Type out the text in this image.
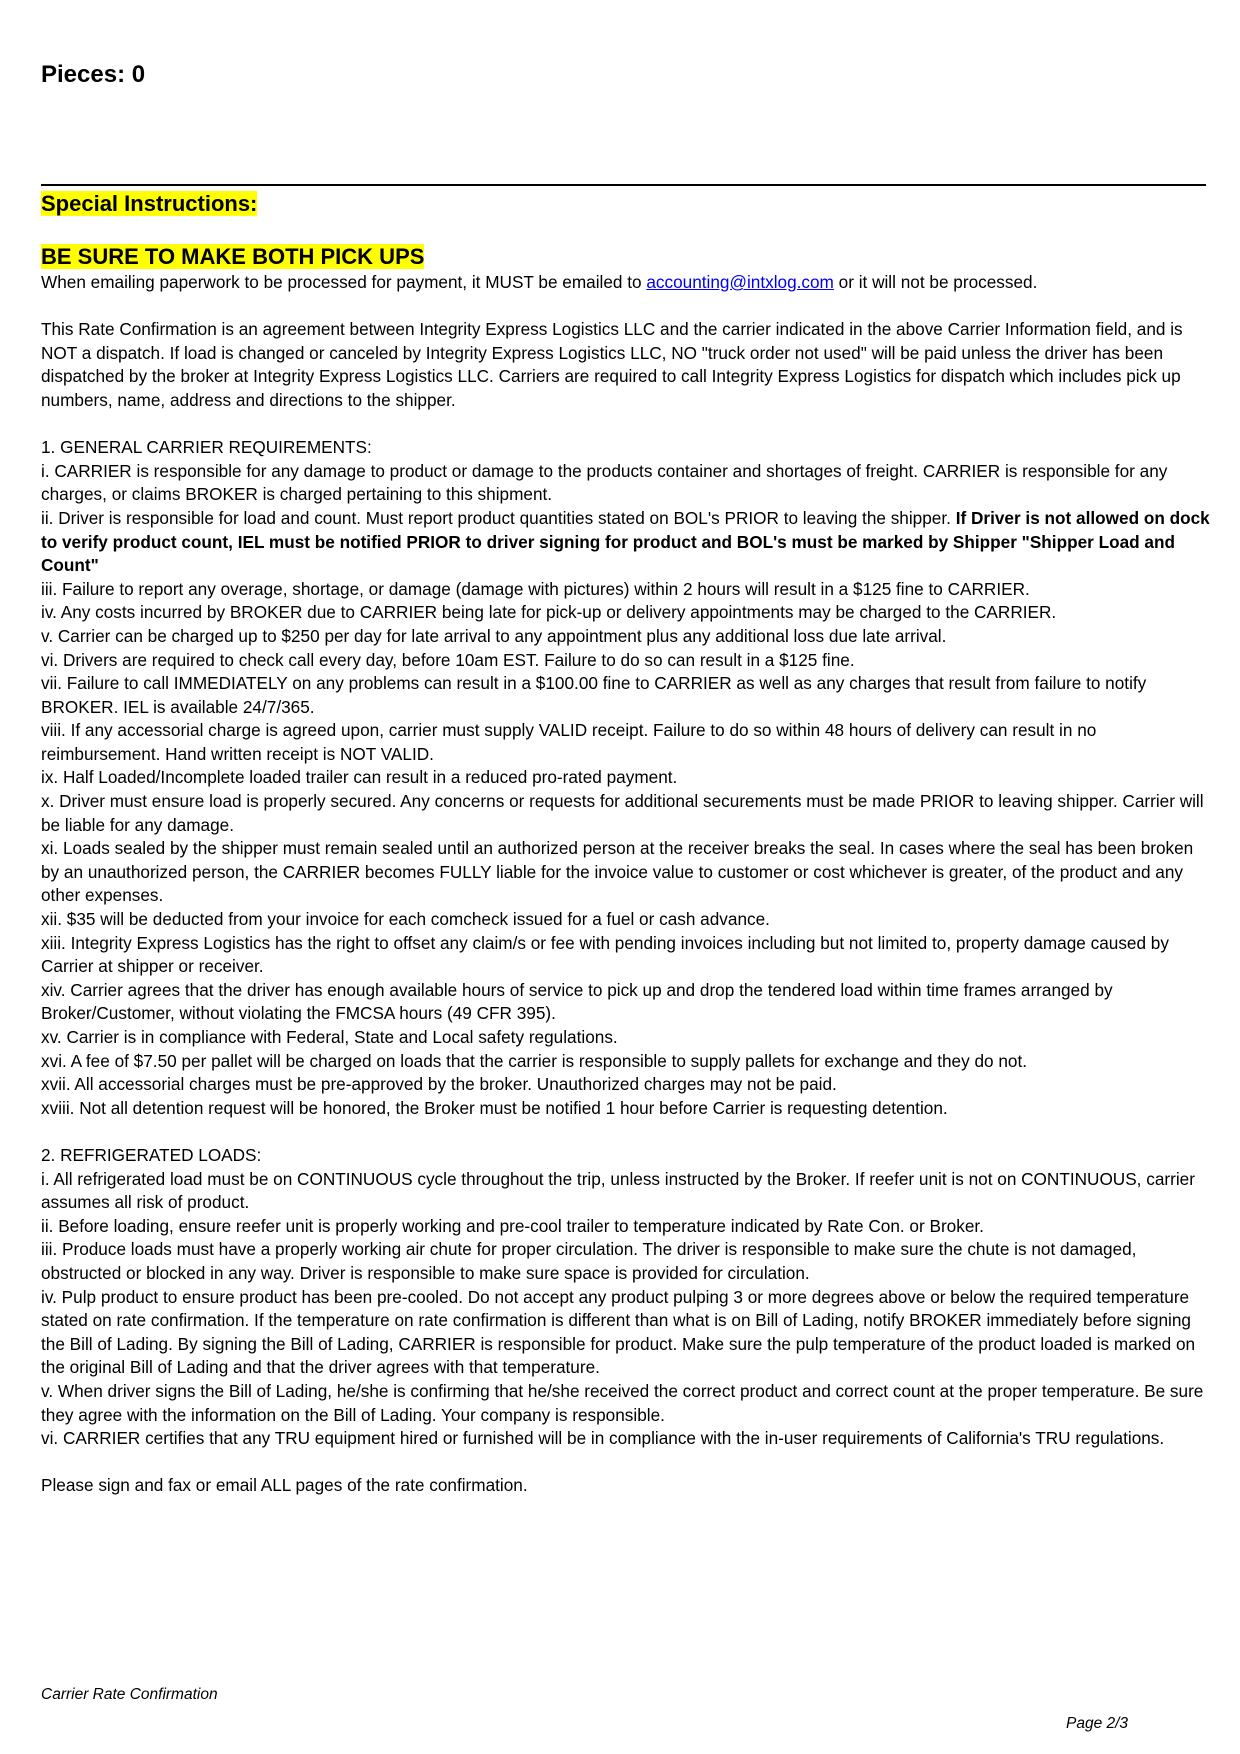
Pieces: 0
Special Instructions:
BE SURE TO MAKE BOTH PICK UPS

When emailing paperwork to be processed for payment, it MUST be emailed to accounting@intxlog.com or it will not be processed.

This Rate Confirmation is an agreement between Integrity Express Logistics LLC and the carrier indicated in the above Carrier Information field, and is NOT a dispatch. If load is changed or canceled by Integrity Express Logistics LLC, NO "truck order not used" will be paid unless the driver has been dispatched by the broker at Integrity Express Logistics LLC. Carriers are required to call Integrity Express Logistics for dispatch which includes pick up numbers, name, address and directions to the shipper.

1. GENERAL CARRIER REQUIREMENTS:

i. CARRIER is responsible for any damage to product or damage to the products container and shortages of freight. CARRIER is responsible for any charges, or claims BROKER is charged pertaining to this shipment.

ii. Driver is responsible for load and count. Must report product quantities stated on BOL's PRIOR to leaving the shipper. If Driver is not allowed on dock to verify product count, IEL must be notified PRIOR to driver signing for product and BOL's must be marked by Shipper "Shipper Load and Count"

iii. Failure to report any overage, shortage, or damage (damage with pictures) within 2 hours will result in a $125 fine to CARRIER.

iv. Any costs incurred by BROKER due to CARRIER being late for pick-up or delivery appointments may be charged to the CARRIER.

v. Carrier can be charged up to $250 per day for late arrival to any appointment plus any additional loss due late arrival.

vi. Drivers are required to check call every day, before 10am EST. Failure to do so can result in a $125 fine.

vii. Failure to call IMMEDIATELY on any problems can result in a $100.00 fine to CARRIER as well as any charges that result from failure to notify BROKER. IEL is available 24/7/365.

viii. If any accessorial charge is agreed upon, carrier must supply VALID receipt. Failure to do so within 48 hours of delivery can result in no reimbursement. Hand written receipt is NOT VALID.

ix. Half Loaded/Incomplete loaded trailer can result in a reduced pro-rated payment.

x. Driver must ensure load is properly secured. Any concerns or requests for additional securements must be made PRIOR to leaving shipper. Carrier will be liable for any damage.

xi. Loads sealed by the shipper must remain sealed until an authorized person at the receiver breaks the seal. In cases where the seal has been broken by an unauthorized person, the CARRIER becomes FULLY liable for the invoice value to customer or cost whichever is greater, of the product and any other expenses.

xii. $35 will be deducted from your invoice for each comcheck issued for a fuel or cash advance.

xiii. Integrity Express Logistics has the right to offset any claim/s or fee with pending invoices including but not limited to, property damage caused by Carrier at shipper or receiver.

xiv. Carrier agrees that the driver has enough available hours of service to pick up and drop the tendered load within time frames arranged by Broker/Customer, without violating the FMCSA hours (49 CFR 395).

xv. Carrier is in compliance with Federal, State and Local safety regulations.

xvi. A fee of $7.50 per pallet will be charged on loads that the carrier is responsible to supply pallets for exchange and they do not.

xvii. All accessorial charges must be pre-approved by the broker. Unauthorized charges may not be paid.

xviii. Not all detention request will be honored, the Broker must be notified 1 hour before Carrier is requesting detention.

2. REFRIGERATED LOADS:

i. All refrigerated load must be on CONTINUOUS cycle throughout the trip, unless instructed by the Broker. If reefer unit is not on CONTINUOUS, carrier assumes all risk of product.

ii. Before loading, ensure reefer unit is properly working and pre-cool trailer to temperature indicated by Rate Con. or Broker.

iii. Produce loads must have a properly working air chute for proper circulation. The driver is responsible to make sure the chute is not damaged, obstructed or blocked in any way. Driver is responsible to make sure space is provided for circulation.

iv. Pulp product to ensure product has been pre-cooled. Do not accept any product pulping 3 or more degrees above or below the required temperature stated on rate confirmation. If the temperature on rate confirmation is different than what is on Bill of Lading, notify BROKER immediately before signing the Bill of Lading. By signing the Bill of Lading, CARRIER is responsible for product. Make sure the pulp temperature of the product loaded is marked on the original Bill of Lading and that the driver agrees with that temperature.

v. When driver signs the Bill of Lading, he/she is confirming that he/she received the correct product and correct count at the proper temperature. Be sure they agree with the information on the Bill of Lading. Your company is responsible.

vi. CARRIER certifies that any TRU equipment hired or furnished will be in compliance with the in-user requirements of California's TRU regulations.

Please sign and fax or email ALL pages of the rate confirmation.

Carrier Rate Confirmation
Page 2/3
